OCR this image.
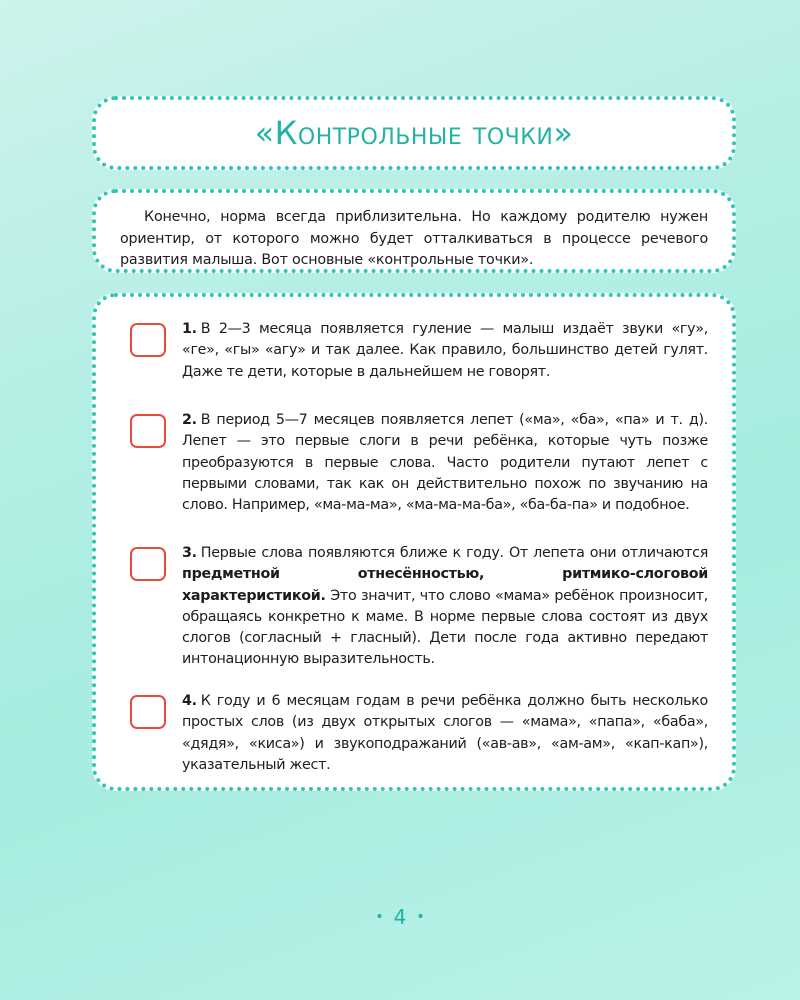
«Контрольные точки»

Конечно, норма всегда приблизительна. Но каждому родителю нужен ориентир, от которого можно будет отталкиваться в процессе речевого развития малыша. Вот основные «контрольные точки».

1. В 2—3 месяца появляется гуление — малыш издаёт звуки «гу», «ге», «гы» «агу» и так далее. Как правило, большинство детей гулят. Даже те дети, которые в дальнейшем не говорят.
2. В период 5—7 месяцев появляется лепет («ма», «ба», «па» и т. д). Лепет — это первые слоги в речи ребёнка, которые чуть позже преобразуются в первые слова. Часто родители путают лепет с первыми словами, так как он действительно похож по звучанию на слово. Например, «ма-ма-ма», «ма-ма-ма-ба», «ба-ба-па» и подобное.
3. Первые слова появляются ближе к году. От лепета они отличаются предметной отнесённостью, ритмико-слоговой характеристикой. Это значит, что слово «мама» ребёнок произносит, обращаясь конкретно к маме. В норме первые слова состоят из двух слогов (согласный + гласный). Дети после года активно передают интонационную выразительность.
4. К году и 6 месяцам годам в речи ребёнка должно быть несколько простых слов (из двух открытых слогов — «мама», «папа», «баба», «дядя», «киса») и звукоподражаний («ав-ав», «ам-ам», «кап-кап»), указательный жест.
• 4 •
